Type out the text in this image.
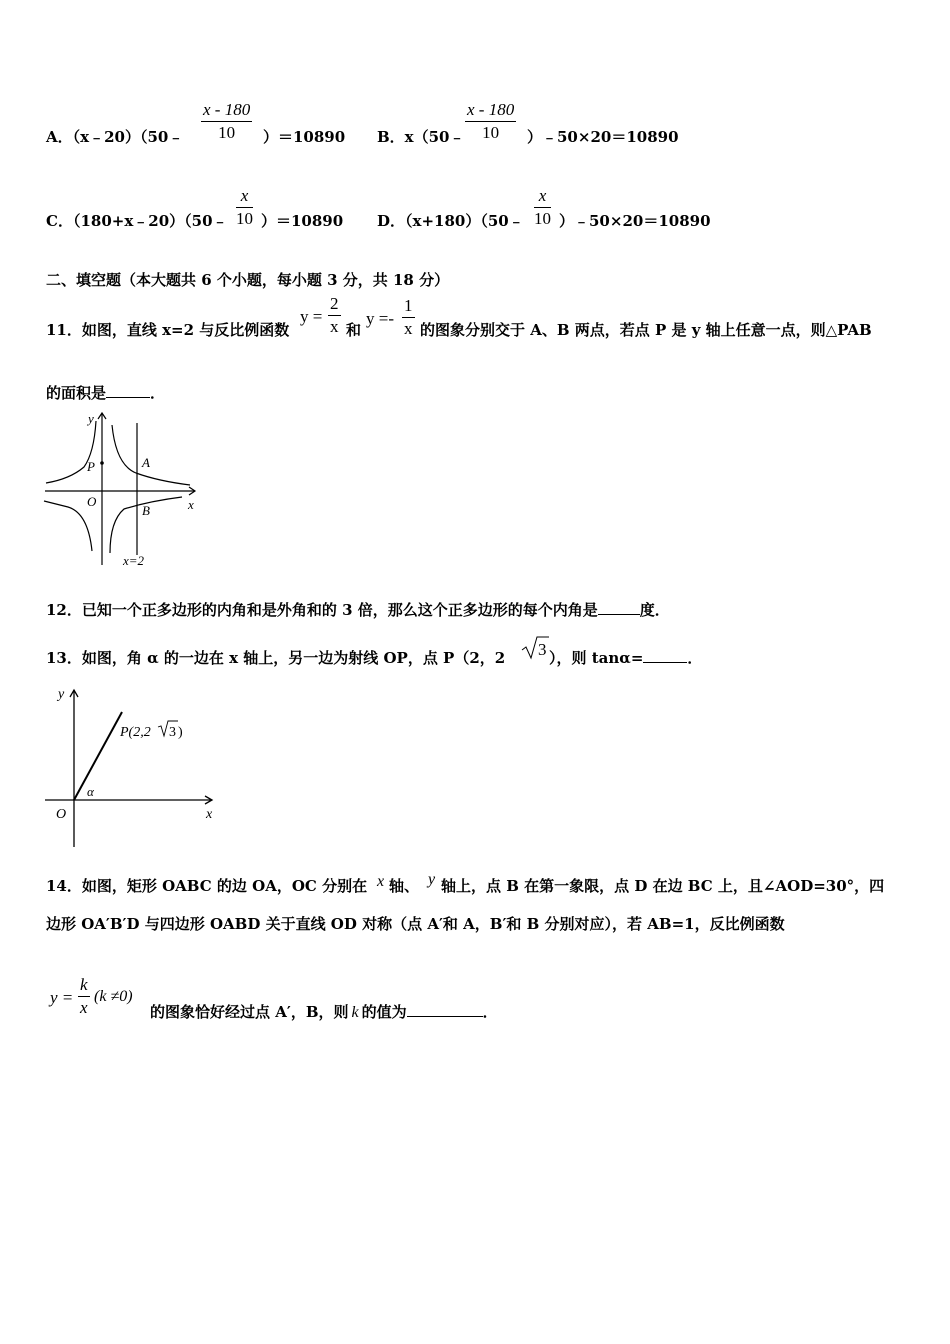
A．（x﹣20）（50﹣
x - 180
10	）＝10890 B．x（50﹣
x - 180
10	）﹣50×20＝10890
C．（180+x﹣20）（50﹣
x
10 ）＝10890 D．（x+180）（50﹣
x
10 ）﹣50×20＝10890
二、填空题（本大题共 6 个小题，每小题 3 分，共 18 分）
11．如图，直线 x=2 与反比例函数
y =
2
x 和
y =-
1
x 的图象分别交于 A、B 两点，若点 P 是 y 轴上任意一点，则△PAB
的面积是	．
y
x
O
P	A
B
x=2
12．已知一个正多边形的内角和是外角和的 3 倍，那么这个正多边形的每个内角是	度．
13．如图，角 α 的一边在 x 轴上，另一边为射线 OP，点 P（2，2 3 ），则 tanα=	．
y
x
O
α
P(2,2 3 )
14．如图，矩形 OABC 的边 OA，OC 分别在 x 轴、 y 轴上，点 B 在第一象限，点 D 在边 BC 上，且∠AOD=30°，四
边形 OA′B′D 与四边形 OABD 关于直线 OD 对称（点 A′和 A，B′和 B 分别对应），若 AB=1，反比例函数
y =
k
x
(k ≠0)
的图象恰好经过点 A′，B，则 k 的值为	．
